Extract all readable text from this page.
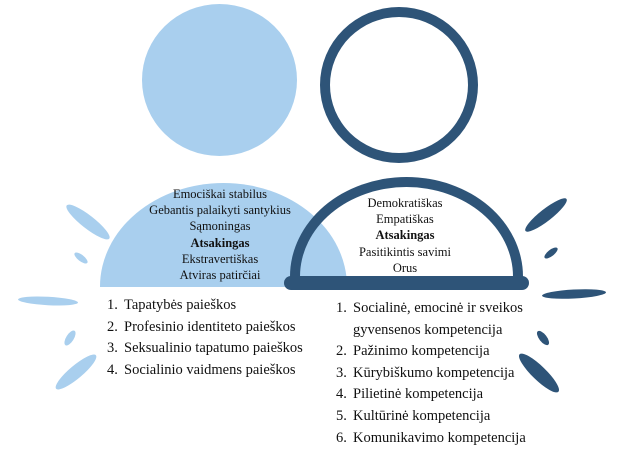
Emociškai stabilus
Gebantis palaikyti santykius
Sąmoningas
Atsakingas
Ekstravertiškas
Atviras patirčiai
Demokratiškas
Empatiškas
Atsakingas
Pasitikintis savimi
Orus
1. Tapatybės paieškos
2. Profesinio identiteto paieškos
3. Seksualinio tapatumo paieškos
4. Socialinio vaidmens paieškos
1. Socialinė, emocinė ir sveikos
gyvensenos kompetencija
2. Pažinimo kompetencija
3. Kūrybiškumo kompetencija
4. Pilietinė kompetencija
5. Kultūrinė kompetencija
6. Komunikavimo kompetencija
